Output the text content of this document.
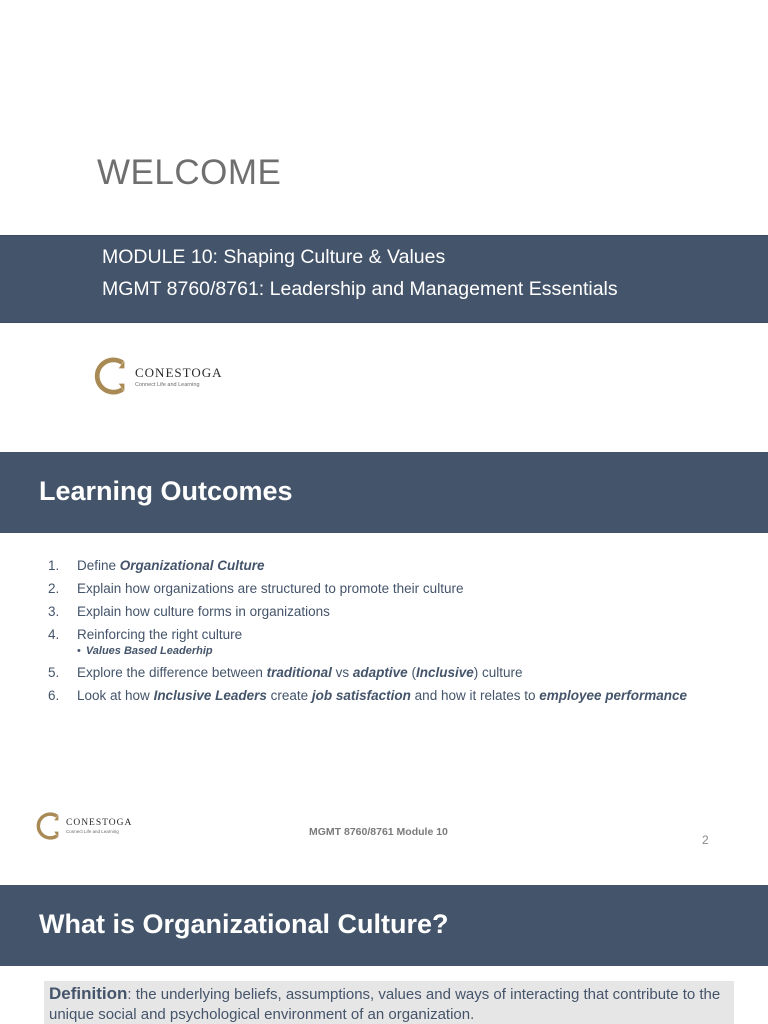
WELCOME
MODULE 10: Shaping Culture & Values
MGMT 8760/8761: Leadership and Management Essentials
CONESTOGA
Connect Life and Learning
Learning Outcomes
1. Define Organizational Culture
2. Explain how organizations are structured to promote their culture
3. Explain how culture forms in organizations
4. Reinforcing the right culture
• Values Based Leaderhip
5. Explore the difference between traditional vs adaptive (Inclusive) culture
6. Look at how Inclusive Leaders create job satisfaction and how it relates to employee performance
CONESTOGA
Connect Life and Learning	MGMT 8760/8761 Module 10
2
What is Organizational Culture?
Definition: the underlying beliefs, assumptions, values and ways of interacting that contribute to the unique social and psychological environment of an organization.
